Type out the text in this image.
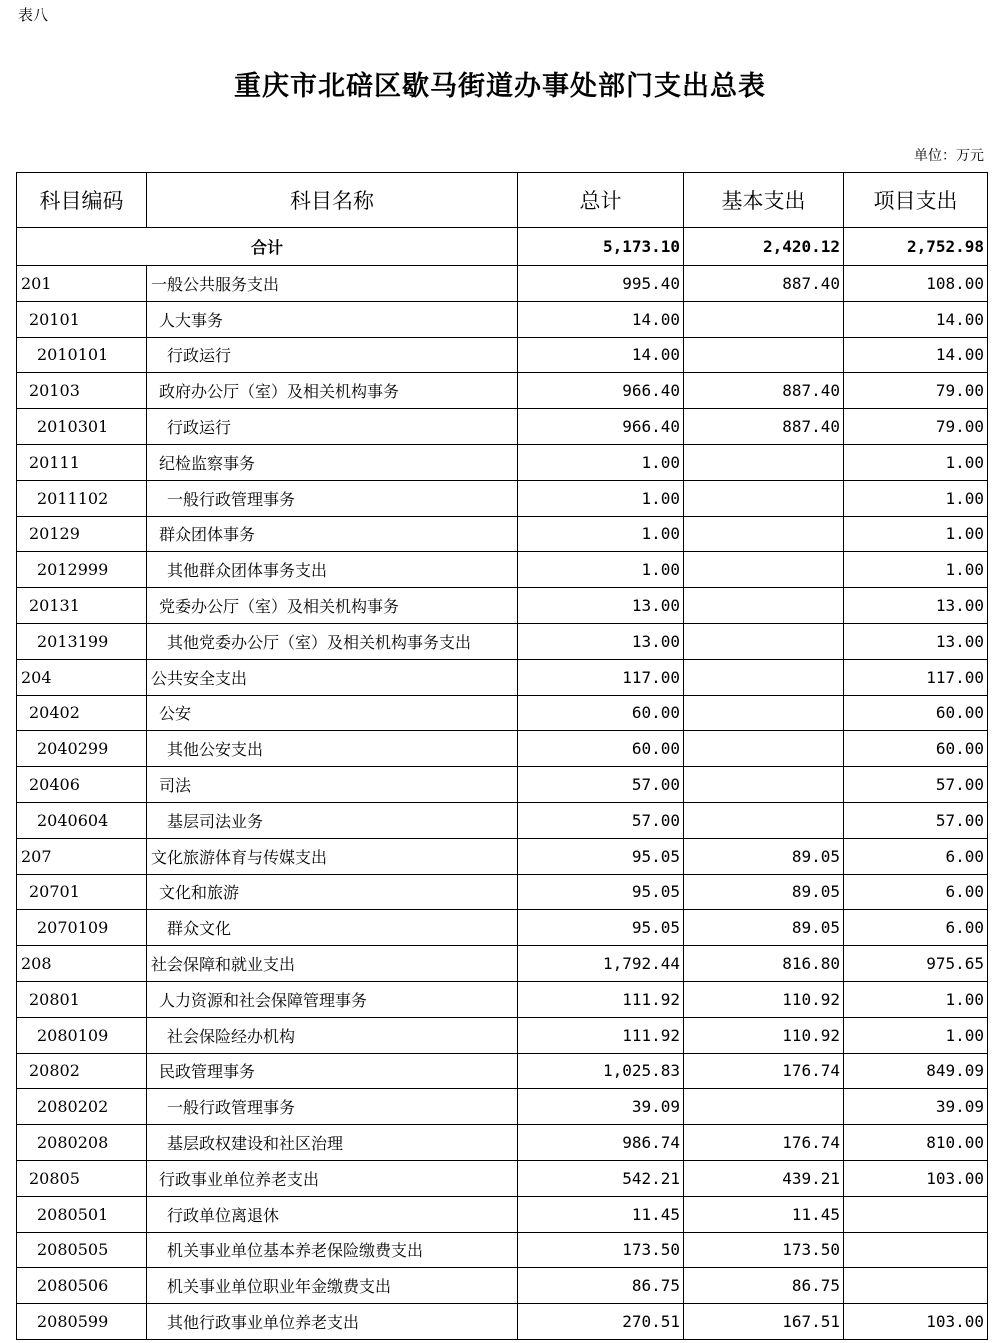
表八
重庆市北碚区歇马街道办事处部门支出总表
单位：万元
科目编码	科目名称	总计	基本支出	项目支出
合计		5,173.10	2,420.12	2,752.98
201	一般公共服务支出	995.40	887.40	108.00
20101	人大事务	14.00		14.00
2010101	行政运行	14.00		14.00
20103	政府办公厅（室）及相关机构事务	966.40	887.40	79.00
2010301	行政运行	966.40	887.40	79.00
20111	纪检监察事务	1.00		1.00
2011102	一般行政管理事务	1.00		1.00
20129	群众团体事务	1.00		1.00
2012999	其他群众团体事务支出	1.00		1.00
20131	党委办公厅（室）及相关机构事务	13.00		13.00
2013199	其他党委办公厅（室）及相关机构事务支出	13.00		13.00
204	公共安全支出	117.00		117.00
20402	公安	60.00		60.00
2040299	其他公安支出	60.00		60.00
20406	司法	57.00		57.00
2040604	基层司法业务	57.00		57.00
207	文化旅游体育与传媒支出	95.05	89.05	6.00
20701	文化和旅游	95.05	89.05	6.00
2070109	群众文化	95.05	89.05	6.00
208	社会保障和就业支出	1,792.44	816.80	975.65
20801	人力资源和社会保障管理事务	111.92	110.92	1.00
2080109	社会保险经办机构	111.92	110.92	1.00
20802	民政管理事务	1,025.83	176.74	849.09
2080202	一般行政管理事务	39.09		39.09
2080208	基层政权建设和社区治理	986.74	176.74	810.00
20805	行政事业单位养老支出	542.21	439.21	103.00
2080501	行政单位离退休	11.45	11.45	
2080505	机关事业单位基本养老保险缴费支出	173.50	173.50	
2080506	机关事业单位职业年金缴费支出	86.75	86.75	
2080599	其他行政事业单位养老支出	270.51	167.51	103.00
